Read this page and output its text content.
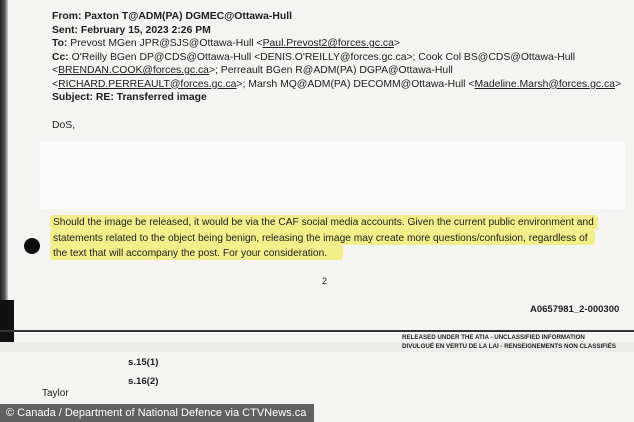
From: Paxton T@ADM(PA) DGMEC@Ottawa-Hull
Sent: February 15, 2023 2:26 PM
To: Prevost MGen JPR@SJS@Ottawa-Hull <Paul.Prevost2@forces.gc.ca>
Cc: O'Reilly BGen DP@CDS@Ottawa-Hull <DENIS.O'REILLY@forces.gc.ca>; Cook Col BS@CDS@Ottawa-Hull
<BRENDAN.COOK@forces.gc.ca>; Perreault BGen R@ADM(PA) DGPA@Ottawa-Hull
<RICHARD.PERREAULT@forces.gc.ca>; Marsh MQ@ADM(PA) DECOMM@Ottawa-Hull <Madeline.Marsh@forces.gc.ca>
Subject: RE: Transferred image
DoS,
Should the image be released, it would be via the CAF social media accounts. Given the current public environment and
statements related to the object being benign, releasing the image may create more questions/confusion, regardless of
the text that will accompany the post. For your consideration.
2
A0657981_2-000300
RELEASED UNDER THE ATIA - UNCLASSIFIED INFORMATION
DIVULGUÉ EN VERTU DE LA LAI - RENSEIGNEMENTS NON CLASSIFIÉS
s.15(1)
s.16(2)
Taylor
© Canada / Department of National Defence via CTVNews.ca
